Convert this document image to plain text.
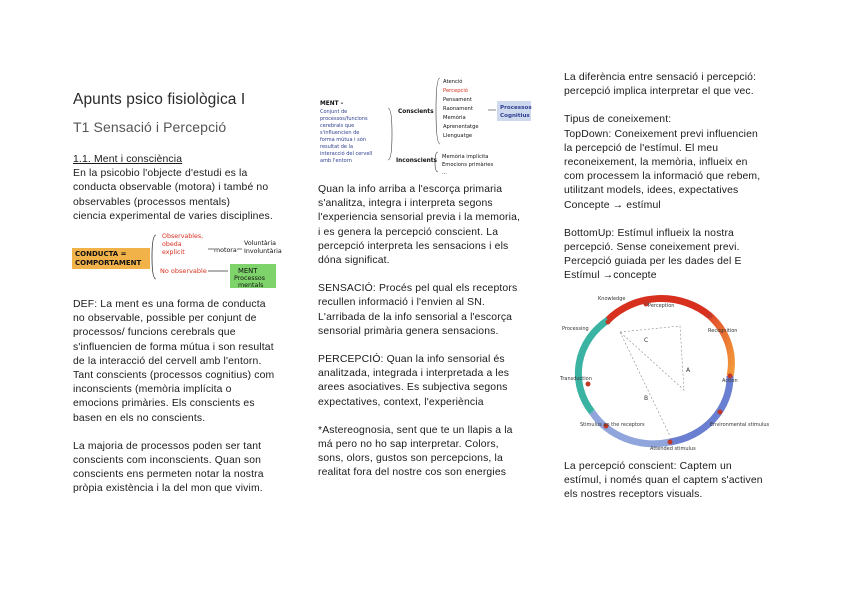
Apunts psico fisiològica I
T1 Sensació i Percepció
1.1. Ment i consciència
En la psicobio l'objecte d'estudi es la
conducta observable (motora) i també no
observables (processos mentals)
ciencia experimental de varies disciplines.
CONDUCTA =
COMPORTAMENT
Observables,
obeda
explicit	motora
Voluntària
Involuntària
No observable	MENT
Processos
mentals
DEF: La ment es una forma de conducta
no observable, possible per conjunt de
processos/ funcions cerebrals que
s'influencien de forma mútua i son resultat
de la interacció del cervell amb l'entorn.
Tant conscients (processos cognitius) com
inconscients (memòria implícita o
emocions primàries. Els conscients es
basen en els no conscients.
La majoria de processos poden ser tant
conscients com inconscients. Quan son
conscients ens permeten notar la nostra
pròpia existència i la del mon que vivim.
MENT –
Conjunt de
processos/funcions
cerebrals que
s'influencien de
forma mútua i són
resultat de la
interacció del cervell
amb l'entorn
Conscients
Inconscients
Atenció
Percepció
Pensament
Raonament
Memòria
Aprenentatge
Llenguatge
Processos
Cognitius
Memòria implícita
Emocions primàries
...
Quan la info arriba a l'escorça primaria
s'analitza, integra i interpreta segons
l'experiencia sensorial previa i la memoria,
i es genera la percepció conscient. La
percepció interpreta les sensacions i els
dóna significat.
SENSACIÓ: Procés pel qual els receptors
recullen informació i l'envien al SN.
L'arribada de la info sensorial a l'escorça
sensorial primària genera sensacions.
PERCEPCIÓ: Quan la info sensorial és
analitzada, integrada i interpretada a les
arees asociatives. Es subjectiva segons
expectatives, context, l'experiència
*Astereognosia, sent que te un llapis a la
má pero no ho sap interpretar. Colors,
sons, olors, gustos son percepcions, la
realitat fora del nostre cos son energies
La diferència entre sensació i percepció:
percepció implica interpretar el que vec.
Tipus de coneixement:
TopDown: Coneixement previ influencien
la percepció de l'estímul. El meu
reconeixement, la memòria, influeix en
com processem la informació que rebem,
utilitzant models, idees, expectatives
Concepte → estímul
BottomUp: Estímul influeix la nostra
percepció. Sense coneixement previ.
Percepció guiada per les dades del E
Estímul →concepte
Knowledge
Perception
Recognition
Action
Environmental stimulus
Attended stimulus
Stimulus on the receptors
Transduction
Processing
C
A
B
La percepció conscient: Captem un
estímul, i només quan el captem s'activen
els nostres receptors visuals.
